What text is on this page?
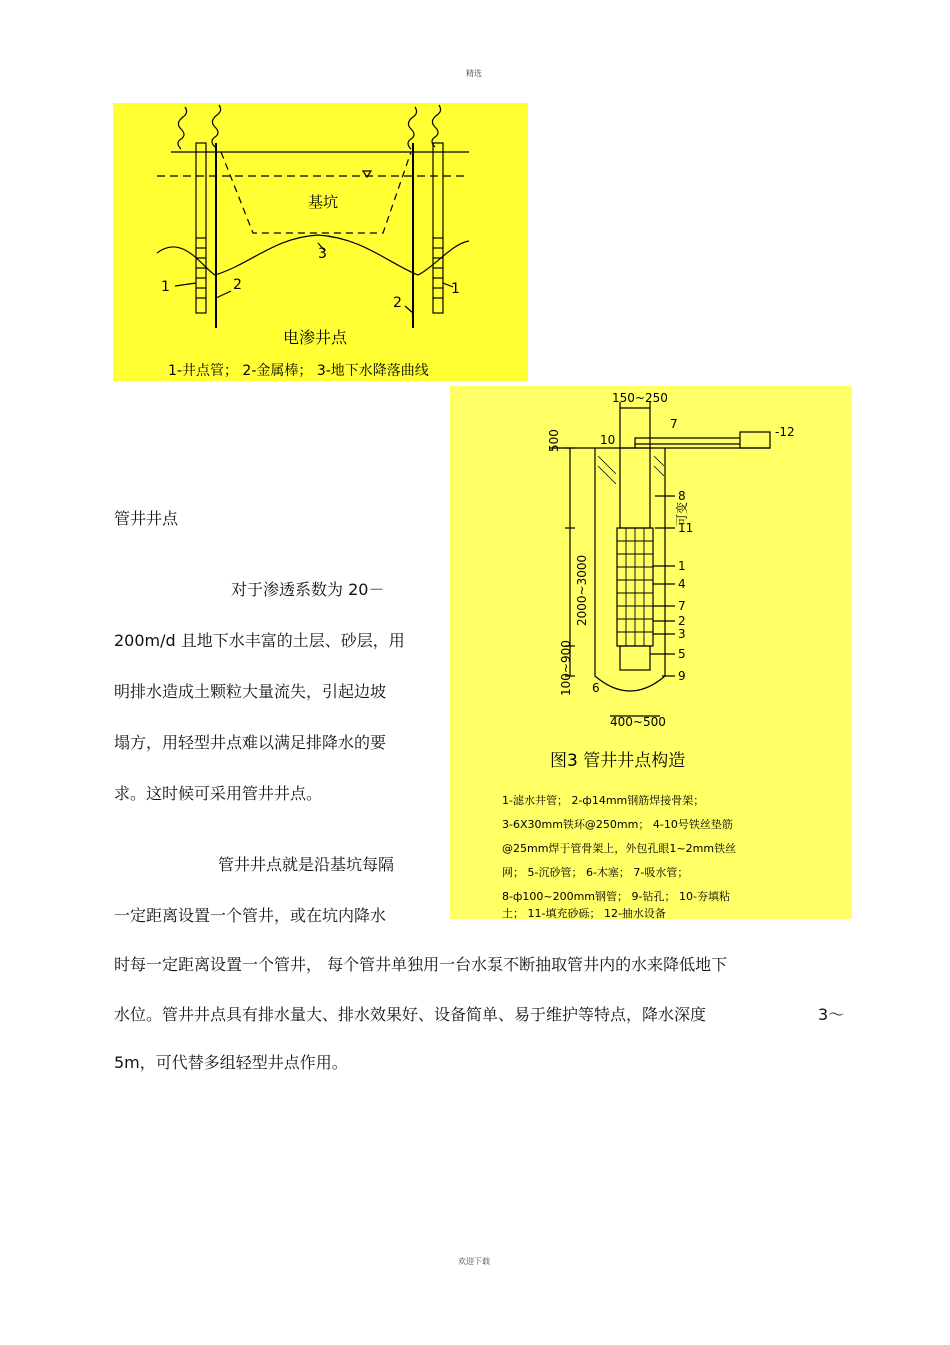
精选
基坑
3
1	2
2
1
电渗井点
1-井点管； 2-金属棒； 3-地下水降落曲线
150~250
7
-12
10
500
可变
2000~3000
100~900
8
11
1
4
7
2
3
5
9
6
400~500
图3 管井井点构造
1-滤水井管； 2-ф14mm钢筋焊接骨架；
3-6X30mm铁环@250mm； 4-10号铁丝垫筋
@25mm焊于管骨架上，外包孔眼1~2mm铁丝
网； 5-沉砂管； 6-木塞； 7-吸水管；
8-ф100~200mm钢管； 9-钻孔； 10-夯填粘
土； 11-填充砂砾； 12-抽水设备
管井井点
对于渗透系数为 20－
200m/d 且地下水丰富的土层、砂层，用
明排水造成土颗粒大量流失，引起边坡
塌方，用轻型井点难以满足排降水的要
求。这时候可采用管井井点。
管井井点就是沿基坑每隔
一定距离设置一个管井，或在坑内降水
时每一定距离设置一个管井， 每个管井单独用一台水泵不断抽取管井内的水来降低地下
水位。管井井点具有排水量大、排水效果好、设备简单、易于维护等特点，降水深度	3～
5m，可代替多组轻型井点作用。
欢迎下载
